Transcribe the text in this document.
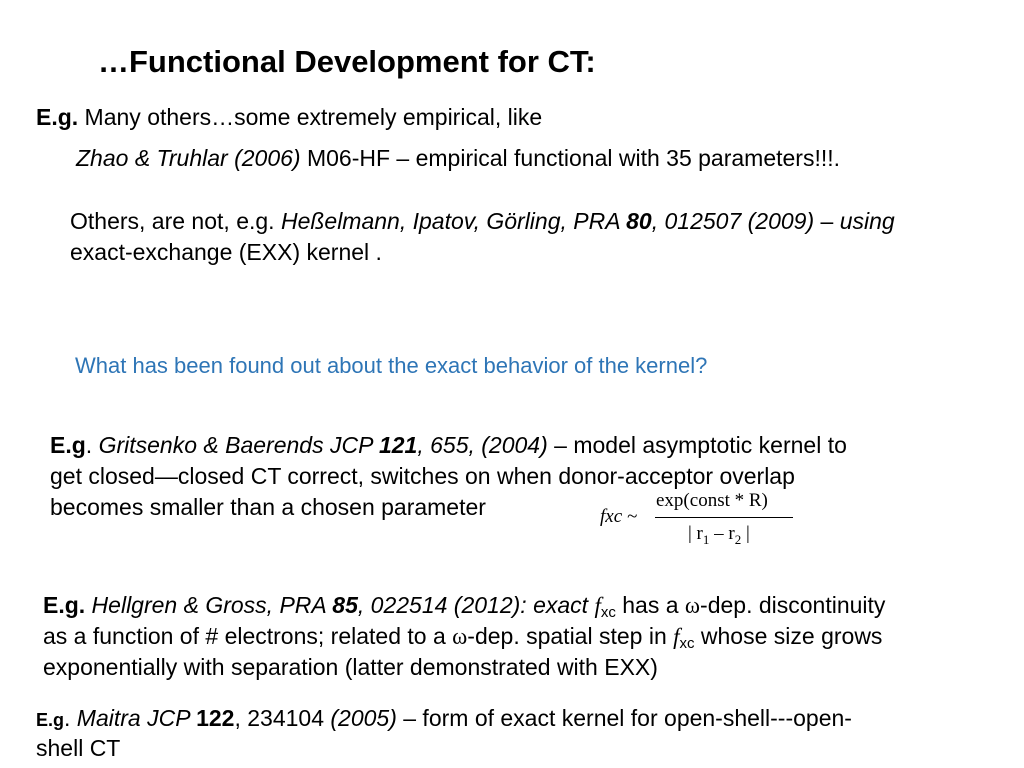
…Functional Development for CT:
E.g. Many others…some extremely empirical, like
Zhao & Truhlar (2006) M06-HF – empirical functional with 35 parameters!!!.
Others, are not, e.g. Heßelmann, Ipatov, Görling, PRA 80, 012507 (2009) – using
exact-exchange (EXX) kernel .
What has been found out about the exact behavior of the kernel?
E.g. Gritsenko & Baerends JCP 121, 655, (2004) – model asymptotic kernel to
get closed—closed CT correct, switches on when donor-acceptor overlap
becomes smaller than a chosen parameter	fxc ~
exp(const * R)
| $r_1 - r_2$ |
E.g. Hellgren & Gross, PRA 85, 022514 (2012): exact fxc has a ω-dep. discontinuity
as a function of # electrons; related to a ω-dep. spatial step in fxc whose size grows
exponentially with separation (latter demonstrated with EXX)
E.g. Maitra JCP 122, 234104 (2005) – form of exact kernel for open-shell---open-
shell CT
